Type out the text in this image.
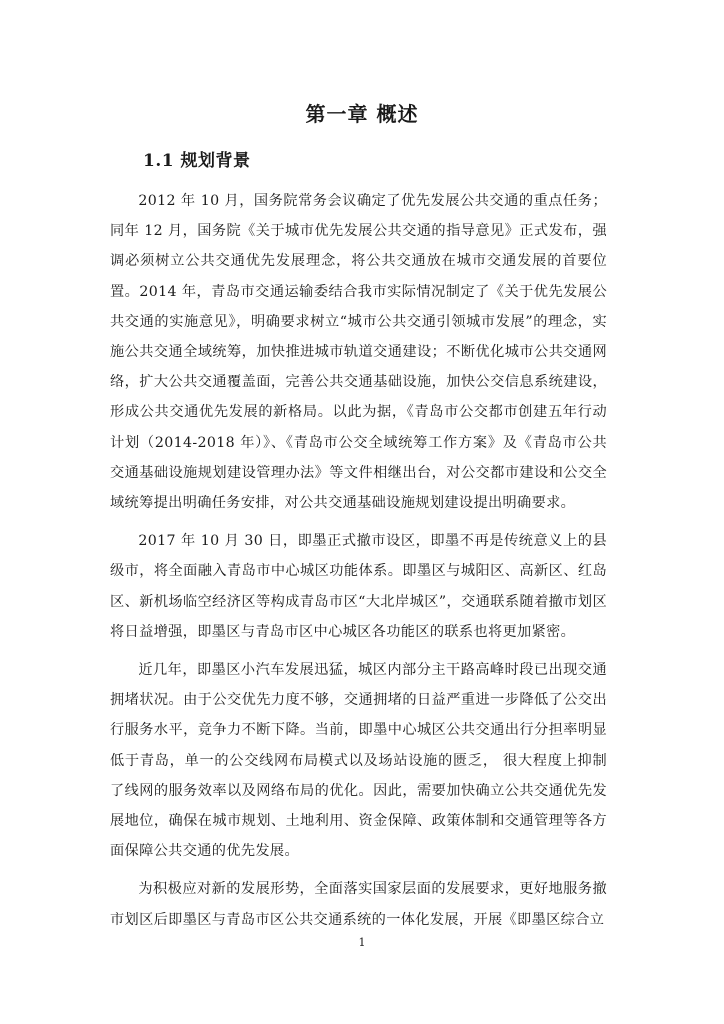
第一章 概述
1.1 规划背景

2012 年 10 月，国务院常务会议确定了优先发展公共交通的重点任务；同年 12 月，国务院《关于城市优先发展公共交通的指导意见》正式发布，强调必须树立公共交通优先发展理念，将公共交通放在城市交通发展的首要位置。2014 年，青岛市交通运输委结合我市实际情况制定了《关于优先发展公共交通的实施意见》，明确要求树立“城市公共交通引领城市发展”的理念，实施公共交通全域统筹，加快推进城市轨道交通建设；不断优化城市公共交通网络，扩大公共交通覆盖面，完善公共交通基础设施，加快公交信息系统建设，形成公共交通优先发展的新格局。以此为据，《青岛市公交都市创建五年行动计划（2014-2018 年）》、《青岛市公交全域统筹工作方案》及《青岛市公共交通基础设施规划建设管理办法》等文件相继出台，对公交都市建设和公交全域统筹提出明确任务安排，对公共交通基础设施规划建设提出明确要求。

2017 年 10 月 30 日，即墨正式撤市设区，即墨不再是传统意义上的县级市，将全面融入青岛市中心城区功能体系。即墨区与城阳区、高新区、红岛区、新机场临空经济区等构成青岛市区“大北岸城区”，交通联系随着撤市划区将日益增强，即墨区与青岛市区中心城区各功能区的联系也将更加紧密。

近几年，即墨区小汽车发展迅猛，城区内部分主干路高峰时段已出现交通拥堵状况。由于公交优先力度不够，交通拥堵的日益严重进一步降低了公交出行服务水平，竞争力不断下降。当前，即墨中心城区公共交通出行分担率明显低于青岛，单一的公交线网布局模式以及场站设施的匮乏， 很大程度上抑制了线网的服务效率以及网络布局的优化。因此，需要加快确立公共交通优先发展地位，确保在城市规划、土地利用、资金保障、政策体制和交通管理等各方面保障公共交通的优先发展。

为积极应对新的发展形势，全面落实国家层面的发展要求，更好地服务撤市划区后即墨区与青岛市区公共交通系统的一体化发展，开展《即墨区综合立

1
